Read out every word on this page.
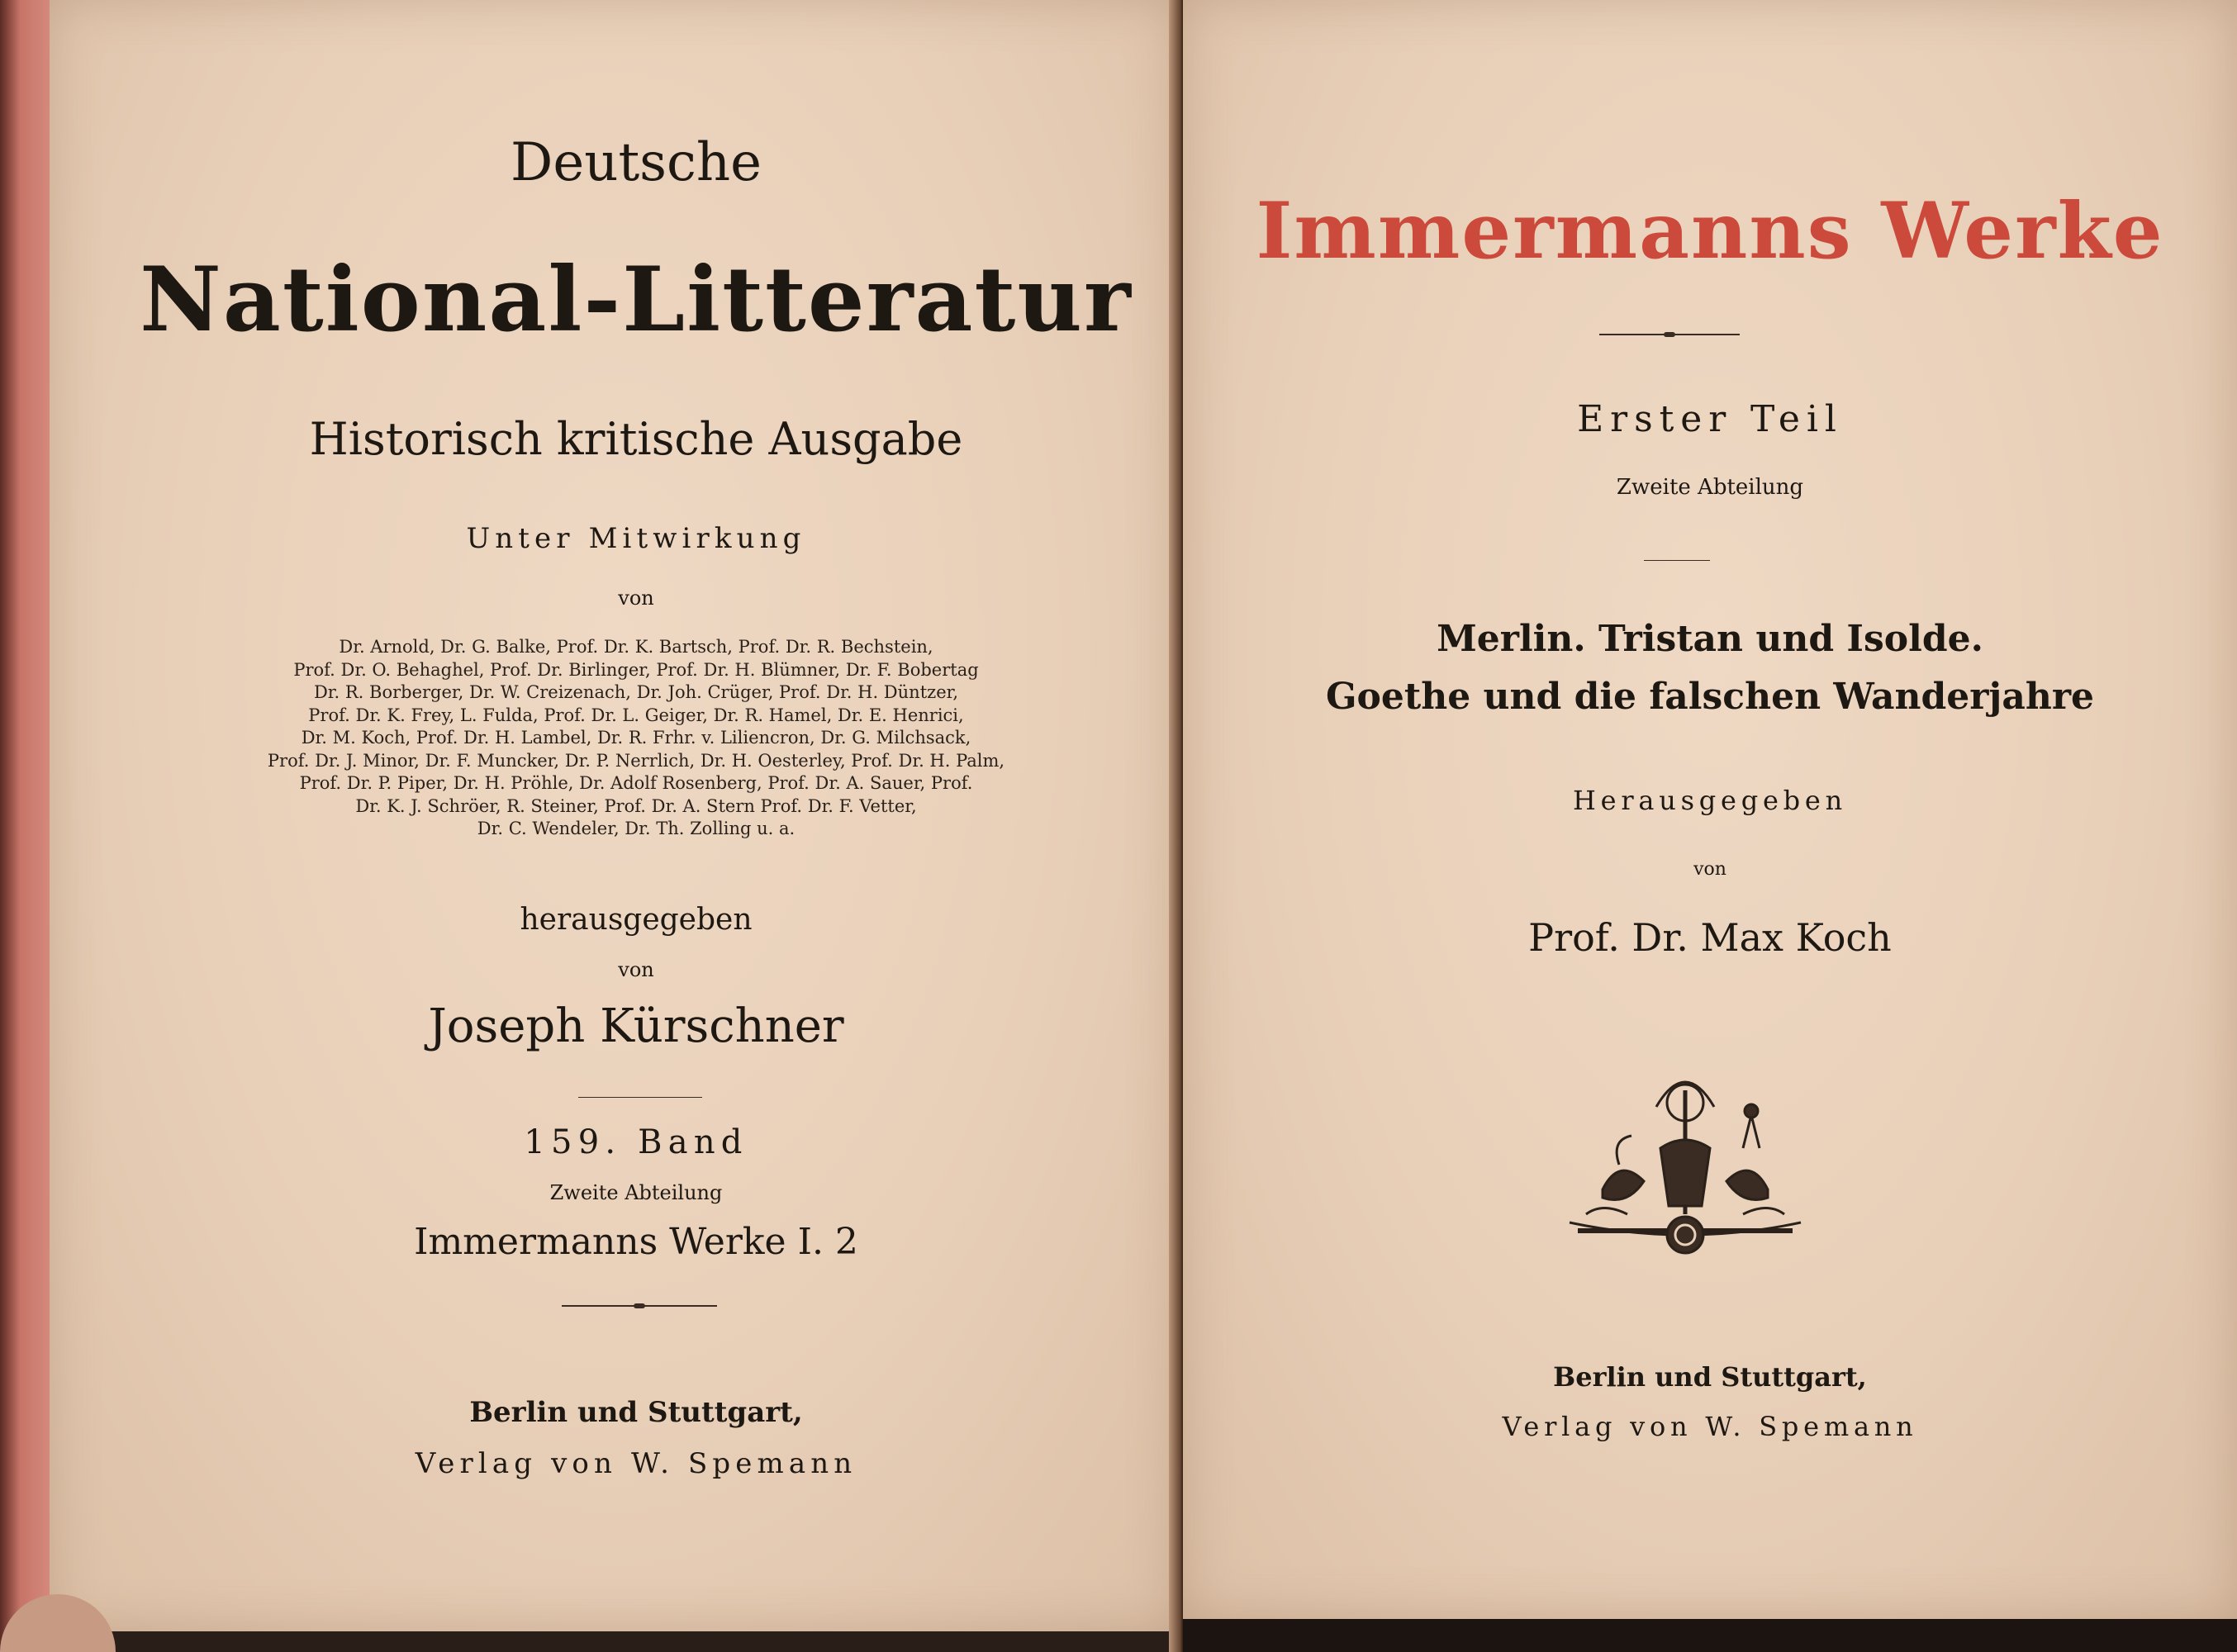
Deutsche
National-Litteratur
Historisch kritische Ausgabe
Unter Mitwirkung
von
Dr. Arnold, Dr. G. Balke, Prof. Dr. K. Bartsch, Prof. Dr. R. Bechstein,
Prof. Dr. O. Behaghel, Prof. Dr. Birlinger, Prof. Dr. H. Blümner, Dr. F. Bobertag
Dr. R. Borberger, Dr. W. Creizenach, Dr. Joh. Crüger, Prof. Dr. H. Düntzer,
Prof. Dr. K. Frey, L. Fulda, Prof. Dr. L. Geiger, Dr. R. Hamel, Dr. E. Henrici,
Dr. M. Koch, Prof. Dr. H. Lambel, Dr. R. Frhr. v. Liliencron, Dr. G. Milchsack,
Prof. Dr. J. Minor, Dr. F. Muncker, Dr. P. Nerrlich, Dr. H. Oesterley, Prof. Dr. H. Palm,
Prof. Dr. P. Piper, Dr. H. Pröhle, Dr. Adolf Rosenberg, Prof. Dr. A. Sauer, Prof.
Dr. K. J. Schröer, R. Steiner, Prof. Dr. A. Stern Prof. Dr. F. Vetter,
Dr. C. Wendeler, Dr. Th. Zolling u. a.
herausgegeben
von
Joseph Kürschner
159. Band
Zweite Abteilung
Immermanns Werke I. 2
Berlin und Stuttgart,
Verlag von W. Spemann
Immermanns Werke
Erster Teil
Zweite Abteilung
Merlin. Tristan und Isolde.
Goethe und die falschen Wanderjahre
Herausgegeben
von
Prof. Dr. Max Koch
Berlin und Stuttgart,
Verlag von W. Spemann
